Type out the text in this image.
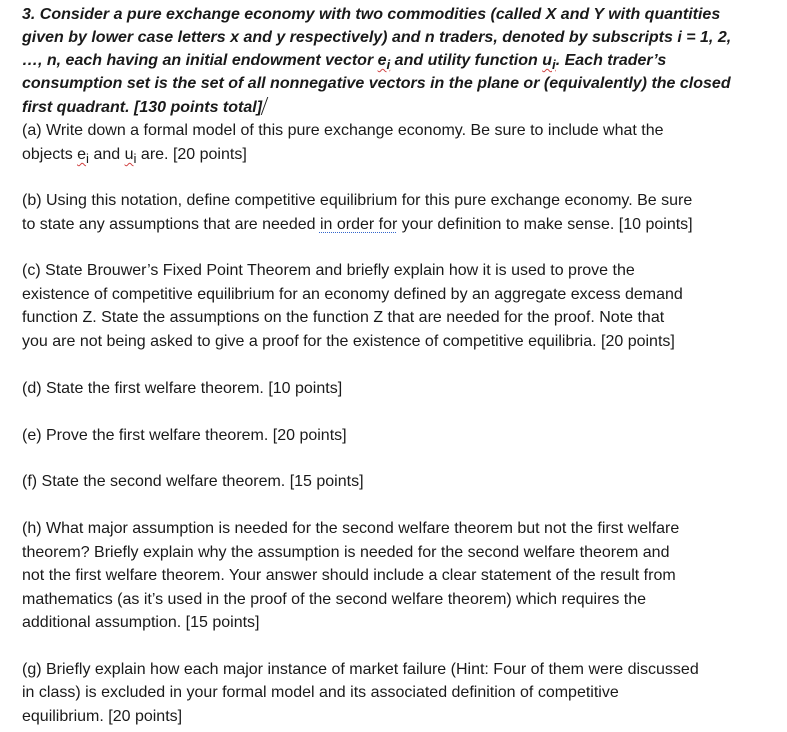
3. Consider a pure exchange economy with two commodities (called X and Y with quantities
given by lower case letters x and y respectively) and n traders, denoted by subscripts i = 1, 2,
…, n, each having an initial endowment vector $e_i$ and utility function $u_i$. Each trader’s
consumption set is the set of all nonnegative vectors in the plane or (equivalently) the closed
first quadrant. [130 points total]
(a) Write down a formal model of this pure exchange economy. Be sure to include what the
objects $e_i$ and $u_i$ are. [20 points]
(b) Using this notation, define competitive equilibrium for this pure exchange economy. Be sure
to state any assumptions that are needed in order for your definition to make sense. [10 points]
(c) State Brouwer’s Fixed Point Theorem and briefly explain how it is used to prove the
existence of competitive equilibrium for an economy defined by an aggregate excess demand
function Z. State the assumptions on the function Z that are needed for the proof. Note that
you are not being asked to give a proof for the existence of competitive equilibria. [20 points]
(d) State the first welfare theorem. [10 points]
(e) Prove the first welfare theorem. [20 points]
(f) State the second welfare theorem. [15 points]
(h) What major assumption is needed for the second welfare theorem but not the first welfare
theorem? Briefly explain why the assumption is needed for the second welfare theorem and
not the first welfare theorem. Your answer should include a clear statement of the result from
mathematics (as it’s used in the proof of the second welfare theorem) which requires the
additional assumption. [15 points]
(g) Briefly explain how each major instance of market failure (Hint: Four of them were discussed
in class) is excluded in your formal model and its associated definition of competitive
equilibrium. [20 points]
